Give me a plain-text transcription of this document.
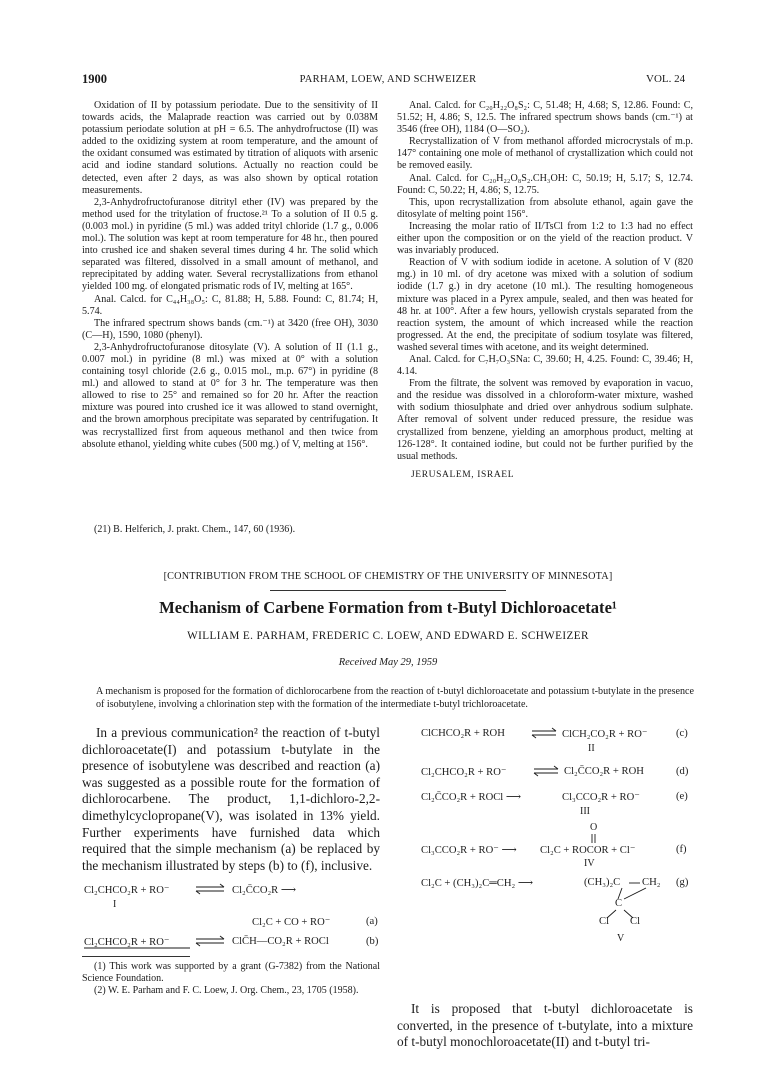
1900	PARHAM, LOEW, AND SCHWEIZER	VOL. 24

Oxidation of II by potassium periodate. Due to the sensitivity of II towards acids, the Malaprade reaction was carried out by 0.038M potassium periodate solution at pH = 6.5. The anhydrofructose (II) was added to the oxidizing system at room temperature, and the amount of the oxidant consumed was estimated by titration of aliquots with arsenic acid and iodine standard solutions. Actually no reaction could be detected, even after 2 days, as was also shown by optical rotation measurements.

2,3-Anhydrofructofuranose ditrityl ether (IV) was prepared by the method used for the tritylation of fructose.²¹ To a solution of II 0.5 g. (0.003 mol.) in pyridine (5 ml.) was added trityl chloride (1.7 g., 0.006 mol.). The solution was kept at room temperature for 48 hr., then poured into crushed ice and shaken several times during 4 hr. The solid which separated was filtered, dissolved in a small amount of methanol, and reprecipitated by adding water. Several recrystallizations from ethanol yielded 100 mg. of elongated prismatic rods of IV, melting at 165°.

Anal. Calcd. for C₄₄H₃₈O₅: C, 81.88; H, 5.88. Found: C, 81.74; H, 5.74.

The infrared spectrum shows bands (cm.⁻¹) at 3420 (free OH), 3030 (C—H), 1590, 1080 (phenyl).

2,3-Anhydrofructofuranose ditosylate (V). A solution of II (1.1 g., 0.007 mol.) in pyridine (8 ml.) was mixed at 0° with a solution containing tosyl chloride (2.6 g., 0.015 mol., m.p. 67°) in pyridine (8 ml.) and allowed to stand at 0° for 3 hr. The temperature was then allowed to rise to 25° and remained so for 20 hr. After the reaction mixture was poured into crushed ice it was allowed to stand overnight, and the brown amorphous precipitate was separated by centrifugation. It was recrystallized first from aqueous methanol and then twice from absolute ethanol, yielding white cubes (500 mg.) of V, melting at 156°.

(21) B. Helferich, J. prakt. Chem., 147, 60 (1936).

Anal. Calcd. for C₂₀H₂₂O₈S₂: C, 51.48; H, 4.68; S, 12.86. Found: C, 51.52; H, 4.86; S, 12.5. The infrared spectrum shows bands (cm.⁻¹) at 3546 (free OH), 1184 (O—SO₂).

Recrystallization of V from methanol afforded microcrystals of m.p. 147° containing one mole of methanol of crystallization which could not be removed easily.

Anal. Calcd. for C₂₀H₂₂O₈S₂.CH₃OH: C, 50.19; H, 5.17; S, 12.74. Found: C, 50.22; H, 4.86; S, 12.75.

This, upon recrystallization from absolute ethanol, again gave the ditosylate of melting point 156°.

Increasing the molar ratio of II/TsCl from 1:2 to 1:3 had no effect either upon the composition or on the yield of the reaction product. V was invariably produced.

Reaction of V with sodium iodide in acetone. A solution of V (820 mg.) in 10 ml. of dry acetone was mixed with a solution of sodium iodide (1.7 g.) in dry acetone (10 ml.). The resulting homogeneous mixture was placed in a Pyrex ampule, sealed, and then was heated for 48 hr. at 100°. After a few hours, yellowish crystals separated from the reaction system, the amount of which increased while the reaction progressed. At the end, the precipitate of sodium tosylate was filtered, washed several times with acetone, and its weight determined.

Anal. Calcd. for C₇H₇O₃SNa: C, 39.60; H, 4.25. Found: C, 39.46; H, 4.14.

From the filtrate, the solvent was removed by evaporation in vacuo, and the residue was dissolved in a chloroform-water mixture, washed with sodium thiosulphate and dried over anhydrous sodium sulphate. After removal of solvent under reduced pressure, the residue was crystallized from benzene, yielding an amorphous product, melting at 126-128°. It contained iodine, but could not be further purified by the usual methods.

JERUSALEM, ISRAEL

[CONTRIBUTION FROM THE SCHOOL OF CHEMISTRY OF THE UNIVERSITY OF MINNESOTA]
Mechanism of Carbene Formation from t-Butyl Dichloroacetate¹
WILLIAM E. PARHAM, FREDERIC C. LOEW, AND EDWARD E. SCHWEIZER
Received May 29, 1959
A mechanism is proposed for the formation of dichlorocarbene from the reaction of t-butyl dichloroacetate and potassium t-butylate in the presence of isobutylene, involving a chlorination step with the formation of the intermediate t-butyl trichloroacetate.

In a previous communication² the reaction of t-butyl dichloroacetate(I) and potassium t-butylate in the presence of isobutylene was described and reaction (a) was suggested as a possible route for the formation of dichlorocarbene. The product, 1,1-dichloro-2,2-dimethylcyclopropane(V), was isolated in 13% yield. Further experiments have furnished data which required that the simple mechanism (a) be replaced by the mechanism illustrated by steps (b) to (f), inclusive.

Cl₂CHCO₂R + RO⁻	Cl₂C̄CO₂R ⟶
I
Cl₂C + CO + RO⁻	(a)
Cl₂CHCO₂R + RO⁻	ClC̄H—CO₂R + ROCl	(b)

(1) This work was supported by a grant (G-7382) from the National Science Foundation.

(2) W. E. Parham and F. C. Loew, J. Org. Chem., 23, 1705 (1958).

ClCHCO₂R + ROH	ClCH₂CO₂R + RO⁻
II
(c)
Cl₂CHCO₂R + RO⁻	Cl₂C̄CO₂R + ROH	(d)
Cl₂C̄CO₂R + ROCl ⟶	Cl₃CCO₂R + RO⁻
III
(e)
O
Cl₃CCO₂R + RO⁻ ⟶ Cl₂C + ROCOR + Cl⁻
IV
(f)
Cl₂C + (CH₃)₂C═CH₂ ⟶	(CH₃)₂C CH₂
C
Cl Cl
V
(g)

It is proposed that t-butyl dichloroacetate is converted, in the presence of t-butylate, into a mixture of t-butyl monochloroacetate(II) and t-butyl tri-
